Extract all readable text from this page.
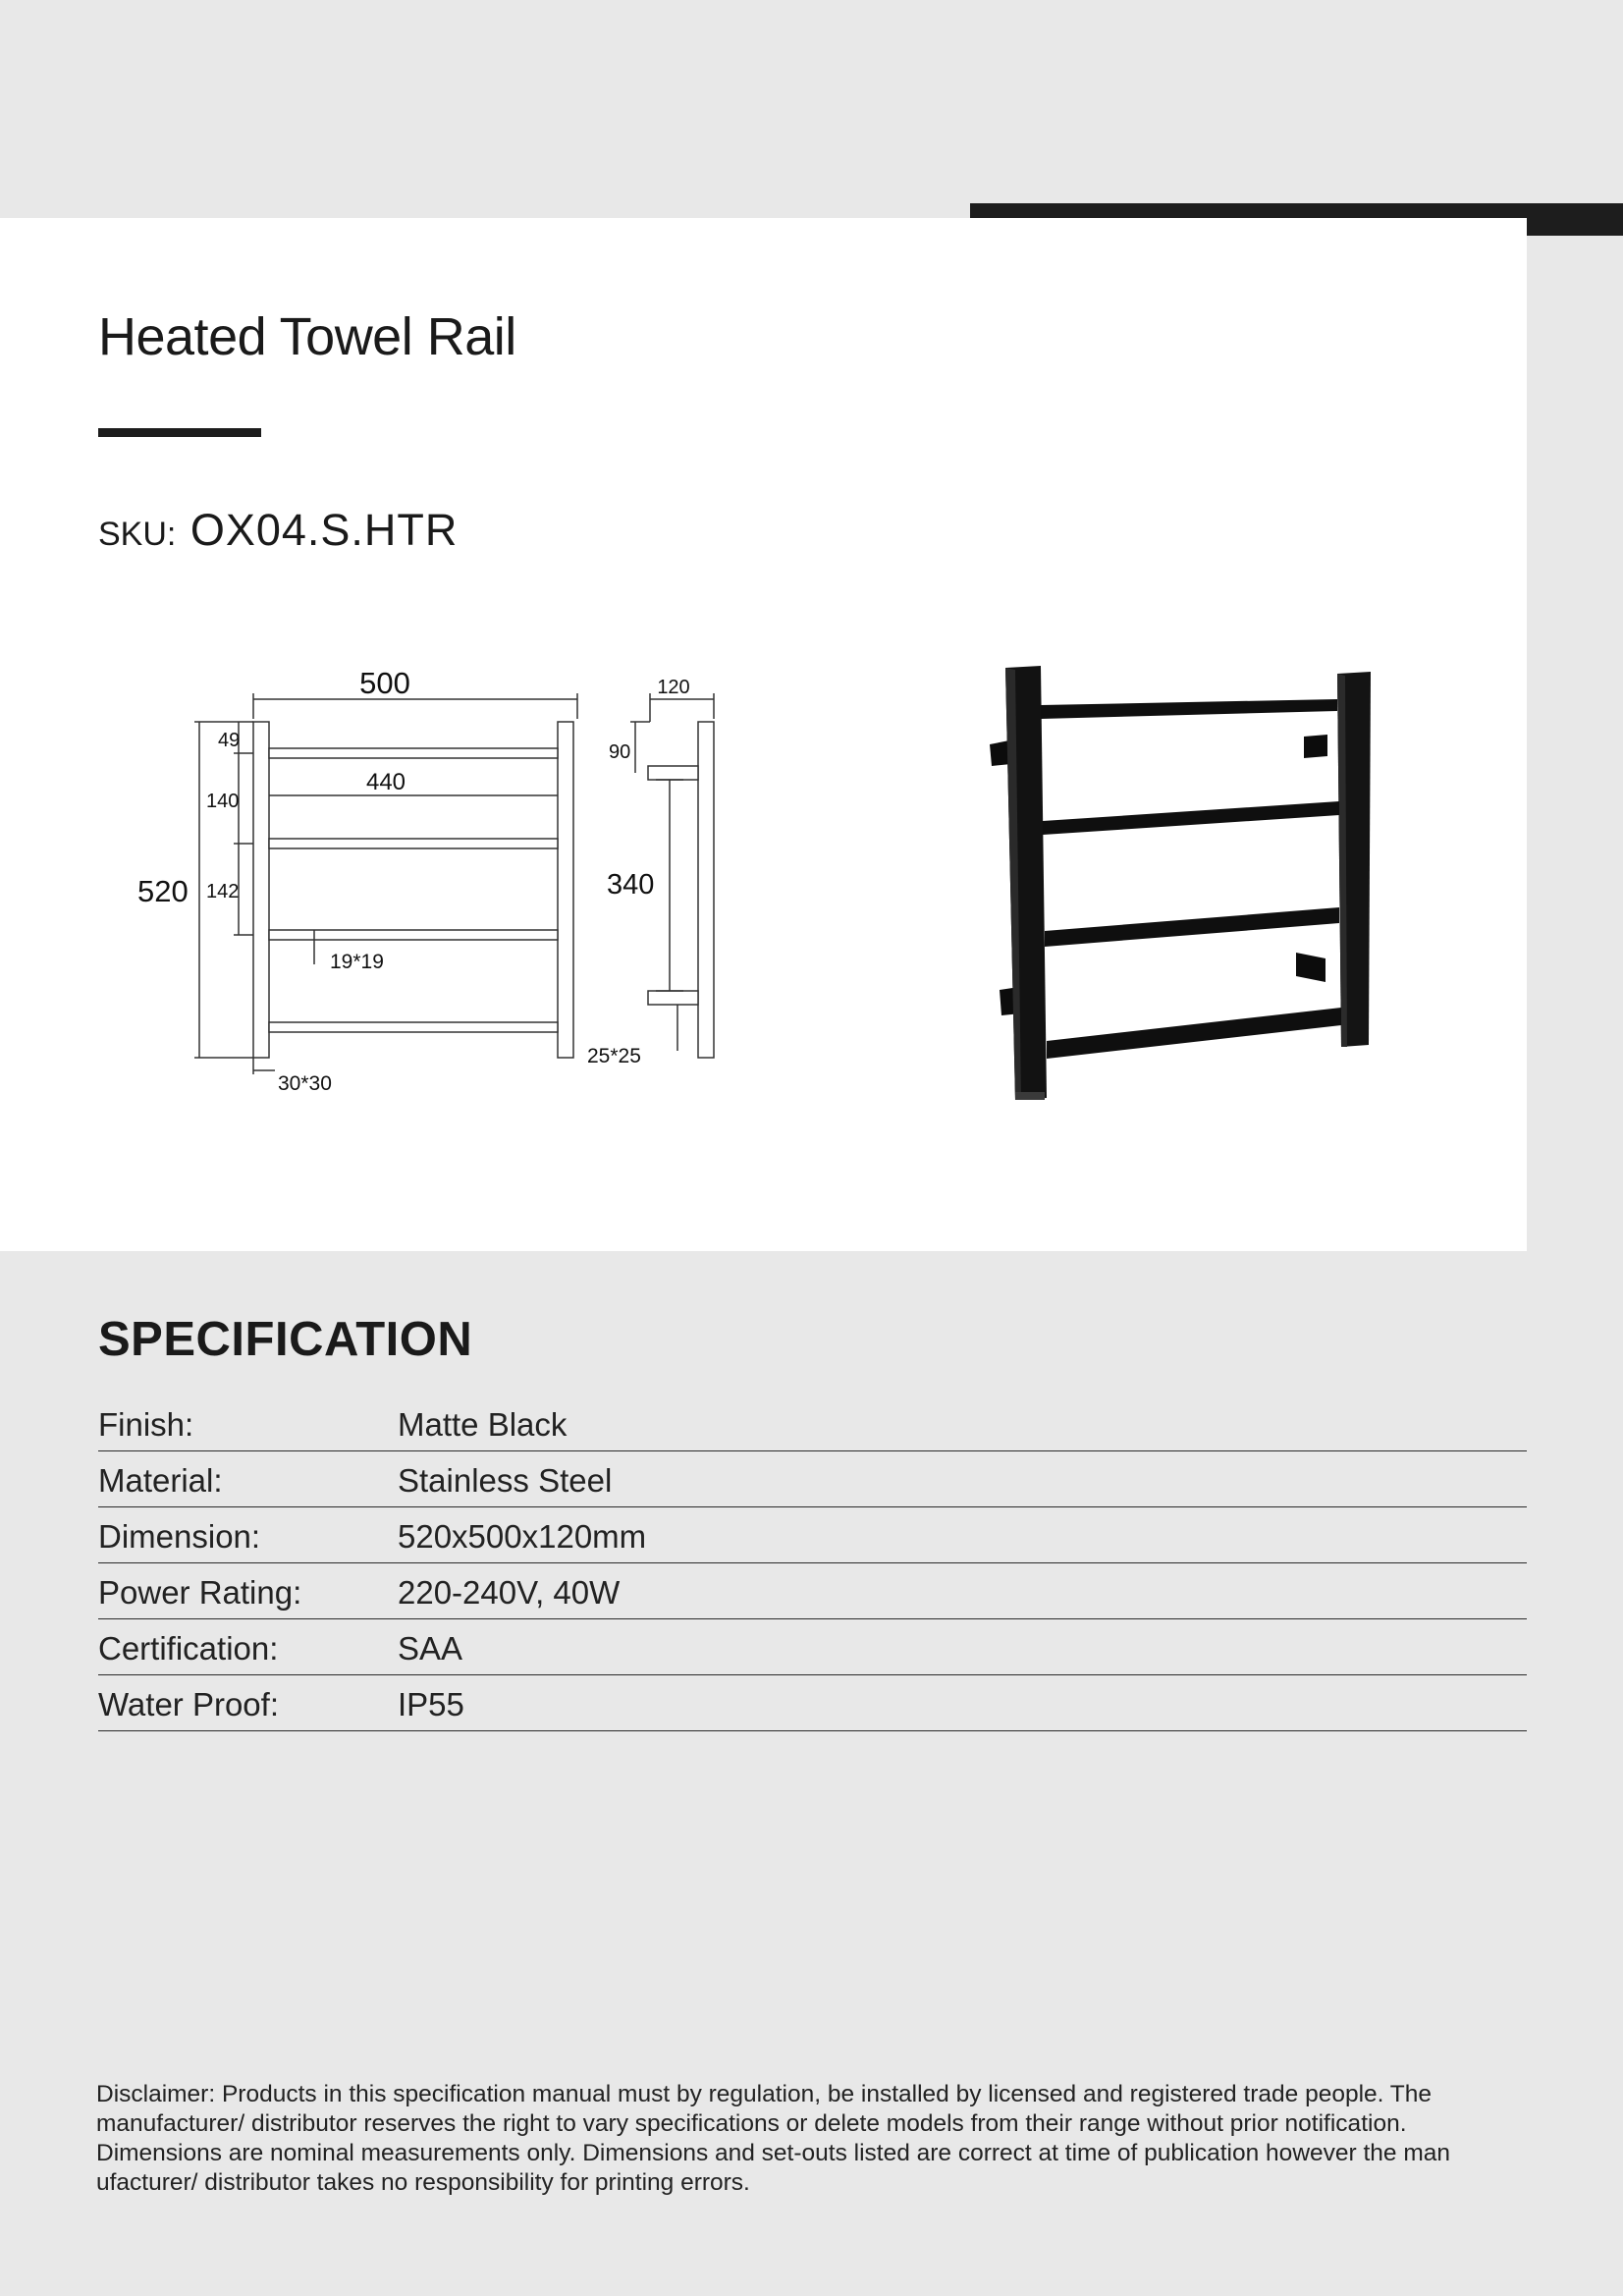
Heated Towel Rail
SKU: OX04.S.HTR
500	120
440
49
140
142
520
19*19
30*30
90
340
25*25
SPECIFICATION
Finish:	Matte Black
Material:	Stainless Steel
Dimension:	520x500x120mm
Power Rating:	220-240V, 40W
Certification:	SAA
Water Proof:	IP55

Disclaimer: Products in this specification manual must by regulation, be installed by licensed and registered trade people. The manufacturer/ distributor reserves the right to vary specifications or delete models from their range without prior notification. Dimensions are nominal measurements only. Dimensions and set-outs listed are correct at time of publication however the man ufacturer/ distributor takes no responsibility for printing errors.
